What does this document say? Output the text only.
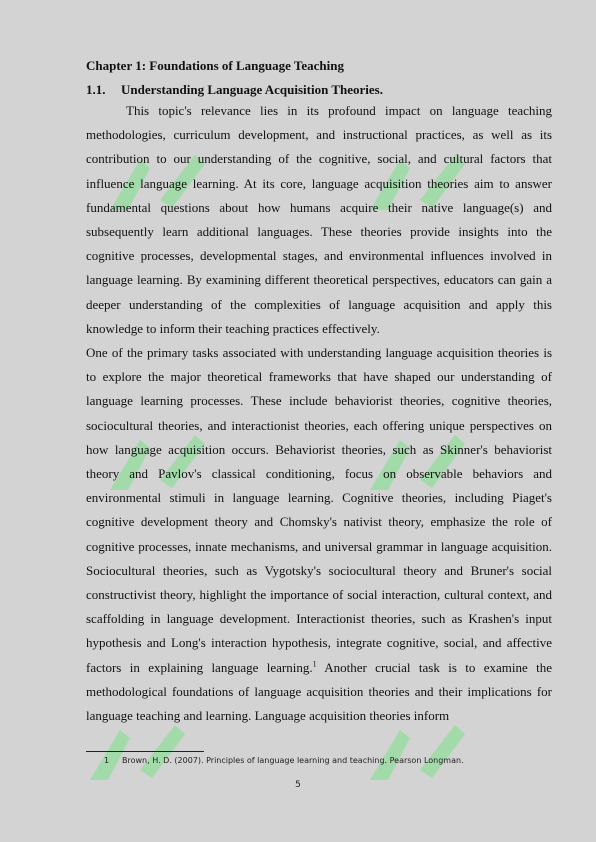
Chapter 1: Foundations of Language Teaching

1.1.	Understanding Language Acquisition Theories.

This topic's relevance lies in its profound impact on language teaching methodologies, curriculum development, and instructional practices, as well as its contribution to our understanding of the cognitive, social, and cultural factors that influence language learning. At its core, language acquisition theories aim to answer fundamental questions about how humans acquire their native language(s) and subsequently learn additional languages. These theories provide insights into the cognitive processes, developmental stages, and environmental influences involved in language learning. By examining different theoretical perspectives, educators can gain a deeper understanding of the complexities of language acquisition and apply this knowledge to inform their teaching practices effectively.

One of the primary tasks associated with understanding language acquisition theories is to explore the major theoretical frameworks that have shaped our understanding of language learning processes. These include behaviorist theories, cognitive theories, sociocultural theories, and interactionist theories, each offering unique perspectives on how language acquisition occurs. Behaviorist theories, such as Skinner's behaviorist theory and Pavlov's classical conditioning, focus on observable behaviors and environmental stimuli in language learning. Cognitive theories, including Piaget's cognitive development theory and Chomsky's nativist theory, emphasize the role of cognitive processes, innate mechanisms, and universal grammar in language acquisition. Sociocultural theories, such as Vygotsky's sociocultural theory and Bruner's social constructivist theory, highlight the importance of social interaction, cultural context, and scaffolding in language development. Interactionist theories, such as Krashen's input hypothesis and Long's interaction hypothesis, integrate cognitive, social, and affective factors in explaining language learning.$^1$ Another crucial task is to examine the methodological foundations of language acquisition theories and their implications for language teaching and learning. Language acquisition theories inform

1 Brown, H. D. (2007). Principles of language learning and teaching. Pearson Longman.
5
